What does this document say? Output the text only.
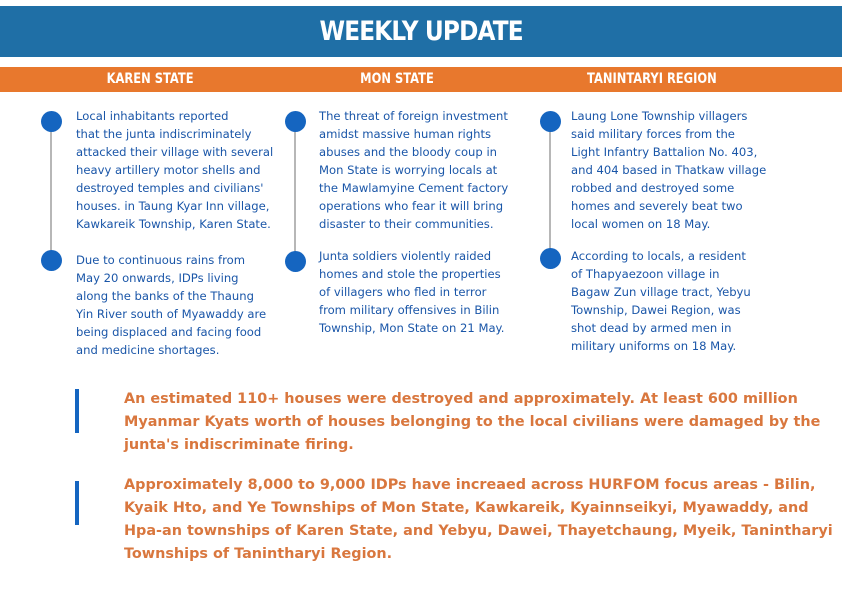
WEEKLY UPDATE
KAREN STATE	MON STATE	TANINTARYI REGION
Local inhabitants reported
that the junta indiscriminately
attacked their village with several
heavy artillery motor shells and
destroyed temples and civilians'
houses. in Taung Kyar Inn village,
Kawkareik Township, Karen State.
Due to continuous rains from
May 20 onwards, IDPs living
along the banks of the Thaung
Yin River south of Myawaddy are
being displaced and facing food
and medicine shortages.
The threat of foreign investment
amidst massive human rights
abuses and the bloody coup in
Mon State is worrying locals at
the Mawlamyine Cement factory
operations who fear it will bring
disaster to their communities.
Junta soldiers violently raided
homes and stole the properties
of villagers who fled in terror
from military offensives in Bilin
Township, Mon State on 21 May.
Laung Lone Township villagers
said military forces from the
Light Infantry Battalion No. 403,
and 404 based in Thatkaw village
robbed and destroyed some
homes and severely beat two
local women on 18 May.
According to locals, a resident
of Thapyaezoon village in
Bagaw Zun village tract, Yebyu
Township, Dawei Region, was
shot dead by armed men in
military uniforms on 18 May.
An estimated 110+ houses were destroyed and approximately. At least 600 million
Myanmar Kyats worth of houses belonging to the local civilians were damaged by the
junta's indiscriminate firing.
Approximately 8,000 to 9,000 IDPs have increaed across HURFOM focus areas - Bilin,
Kyaik Hto, and Ye Townships of Mon State, Kawkareik, Kyainnseikyi, Myawaddy, and
Hpa-an townships of Karen State, and Yebyu, Dawei, Thayetchaung, Myeik, Tanintharyi
Townships of Tanintharyi Region.
